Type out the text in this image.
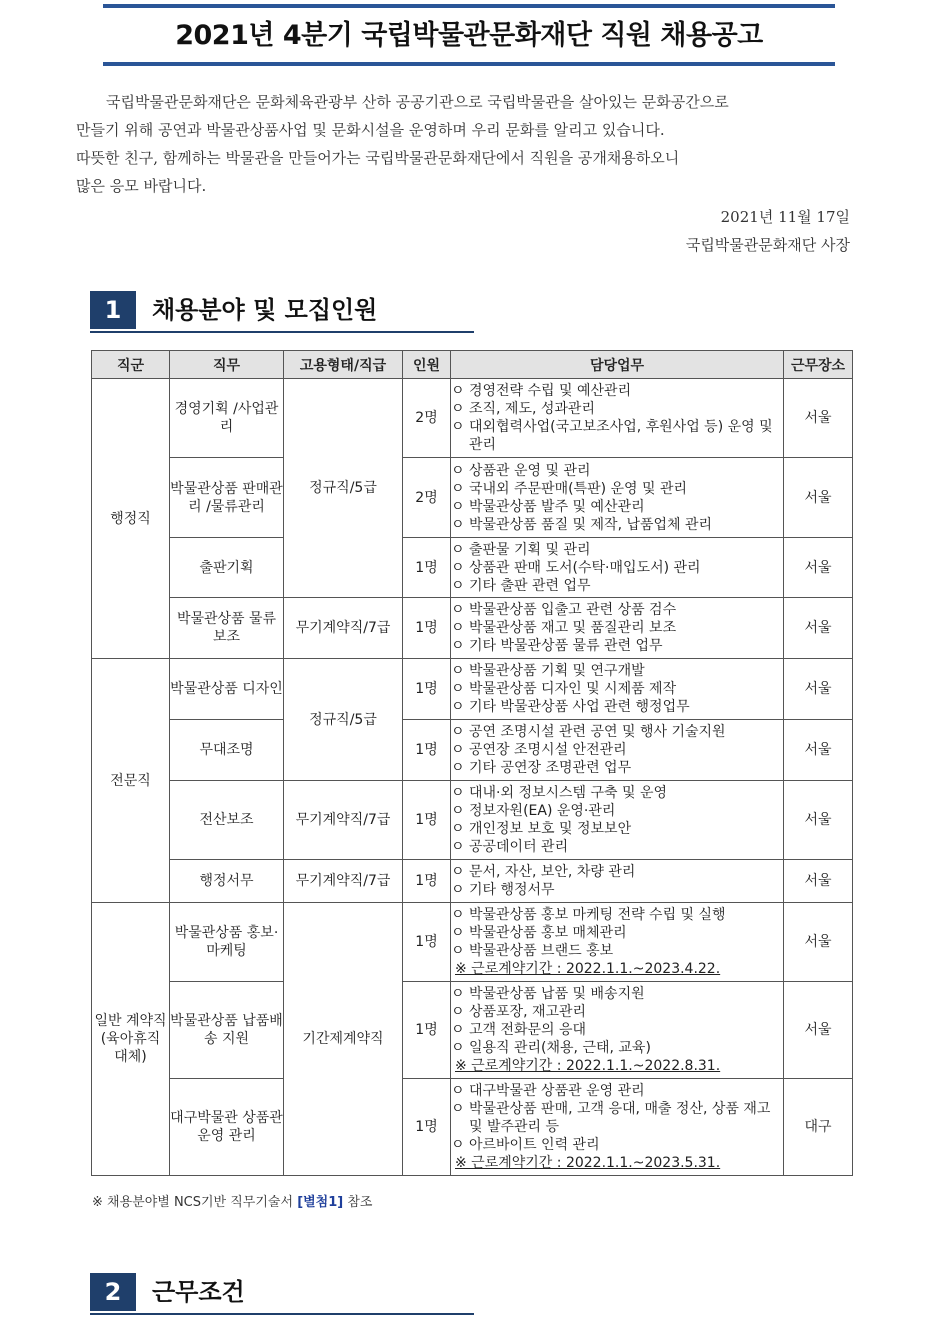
2021년 4분기 국립박물관문화재단 직원 채용공고
국립박물관문화재단은 문화체육관광부 산하 공공기관으로 국립박물관을 살아있는 문화공간으로
만들기 위해 공연과 박물관상품사업 및 문화시설을 운영하며 우리 문화를 알리고 있습니다.
따뜻한 친구, 함께하는 박물관을 만들어가는 국립박물관문화재단에서 직원을 공개채용하오니
많은 응모 바랍니다.
2021년 11월 17일
국립박물관문화재단 사장
1	채용분야 및 모집인원
직군	직무	고용형태/직급	인원	담당업무	근무장소
행정직	경영기획 /사업관리	정규직/5급	2명	ㅇ 경영전략 수립 및 예산관리
ㅇ 조직, 제도, 성과관리
ㅇ 대외협력사업(국고보조사업, 후원사업 등) 운영 및 관리	서울
	박물관상품 판매관리 /물류관리		2명	ㅇ 상품관 운영 및 관리
ㅇ 국내외 주문판매(특판) 운영 및 관리
ㅇ 박물관상품 발주 및 예산관리
ㅇ 박물관상품 품질 및 제작, 납품업체 관리	서울
	출판기획		1명	ㅇ 출판물 기획 및 관리
ㅇ 상품관 판매 도서(수탁·매입도서) 관리
ㅇ 기타 출판 관련 업무	서울
	박물관상품 물류 보조	무기계약직/7급	1명	ㅇ 박물관상품 입출고 관련 상품 검수
ㅇ 박물관상품 재고 및 품질관리 보조
ㅇ 기타 박물관상품 물류 관련 업무	서울
전문직	박물관상품 디자인	정규직/5급	1명	ㅇ 박물관상품 기획 및 연구개발
ㅇ 박물관상품 디자인 및 시제품 제작
ㅇ 기타 박물관상품 사업 관련 행정업무	서울
	무대조명		1명	ㅇ 공연 조명시설 관련 공연 및 행사 기술지원
ㅇ 공연장 조명시설 안전관리
ㅇ 기타 공연장 조명관련 업무	서울
	전산보조	무기계약직/7급	1명	ㅇ 대내·외 정보시스템 구축 및 운영
ㅇ 정보자원(EA) 운영·관리
ㅇ 개인정보 보호 및 정보보안
ㅇ 공공데이터 관리	서울
	행정서무	무기계약직/7급	1명	ㅇ 문서, 자산, 보안, 차량 관리
ㅇ 기타 행정서무	서울
일반 계약직 (육아휴직 대체)	박물관상품 홍보·마케팅	기간제계약직	1명	ㅇ 박물관상품 홍보 마케팅 전략 수립 및 실행
ㅇ 박물관상품 홍보 매체관리
ㅇ 박물관상품 브랜드 홍보
※ 근로계약기간 : 2022.1.1.~2023.4.22.	서울
	박물관상품 납품배송 지원		1명	ㅇ 박물관상품 납품 및 배송지원
ㅇ 상품포장, 재고관리
ㅇ 고객 전화문의 응대
ㅇ 일용직 관리(채용, 근태, 교육)
※ 근로계약기간 : 2022.1.1.~2022.8.31.	서울
	대구박물관 상품관 운영 관리		1명	ㅇ 대구박물관 상품관 운영 관리
ㅇ 박물관상품 판매, 고객 응대, 매출 정산, 상품 재고 및 발주관리 등
ㅇ 아르바이트 인력 관리
※ 근로계약기간 : 2022.1.1.~2023.5.31.	대구
※ 채용분야별 NCS기반 직무기술서 [별첨1] 참조
2	근무조건
